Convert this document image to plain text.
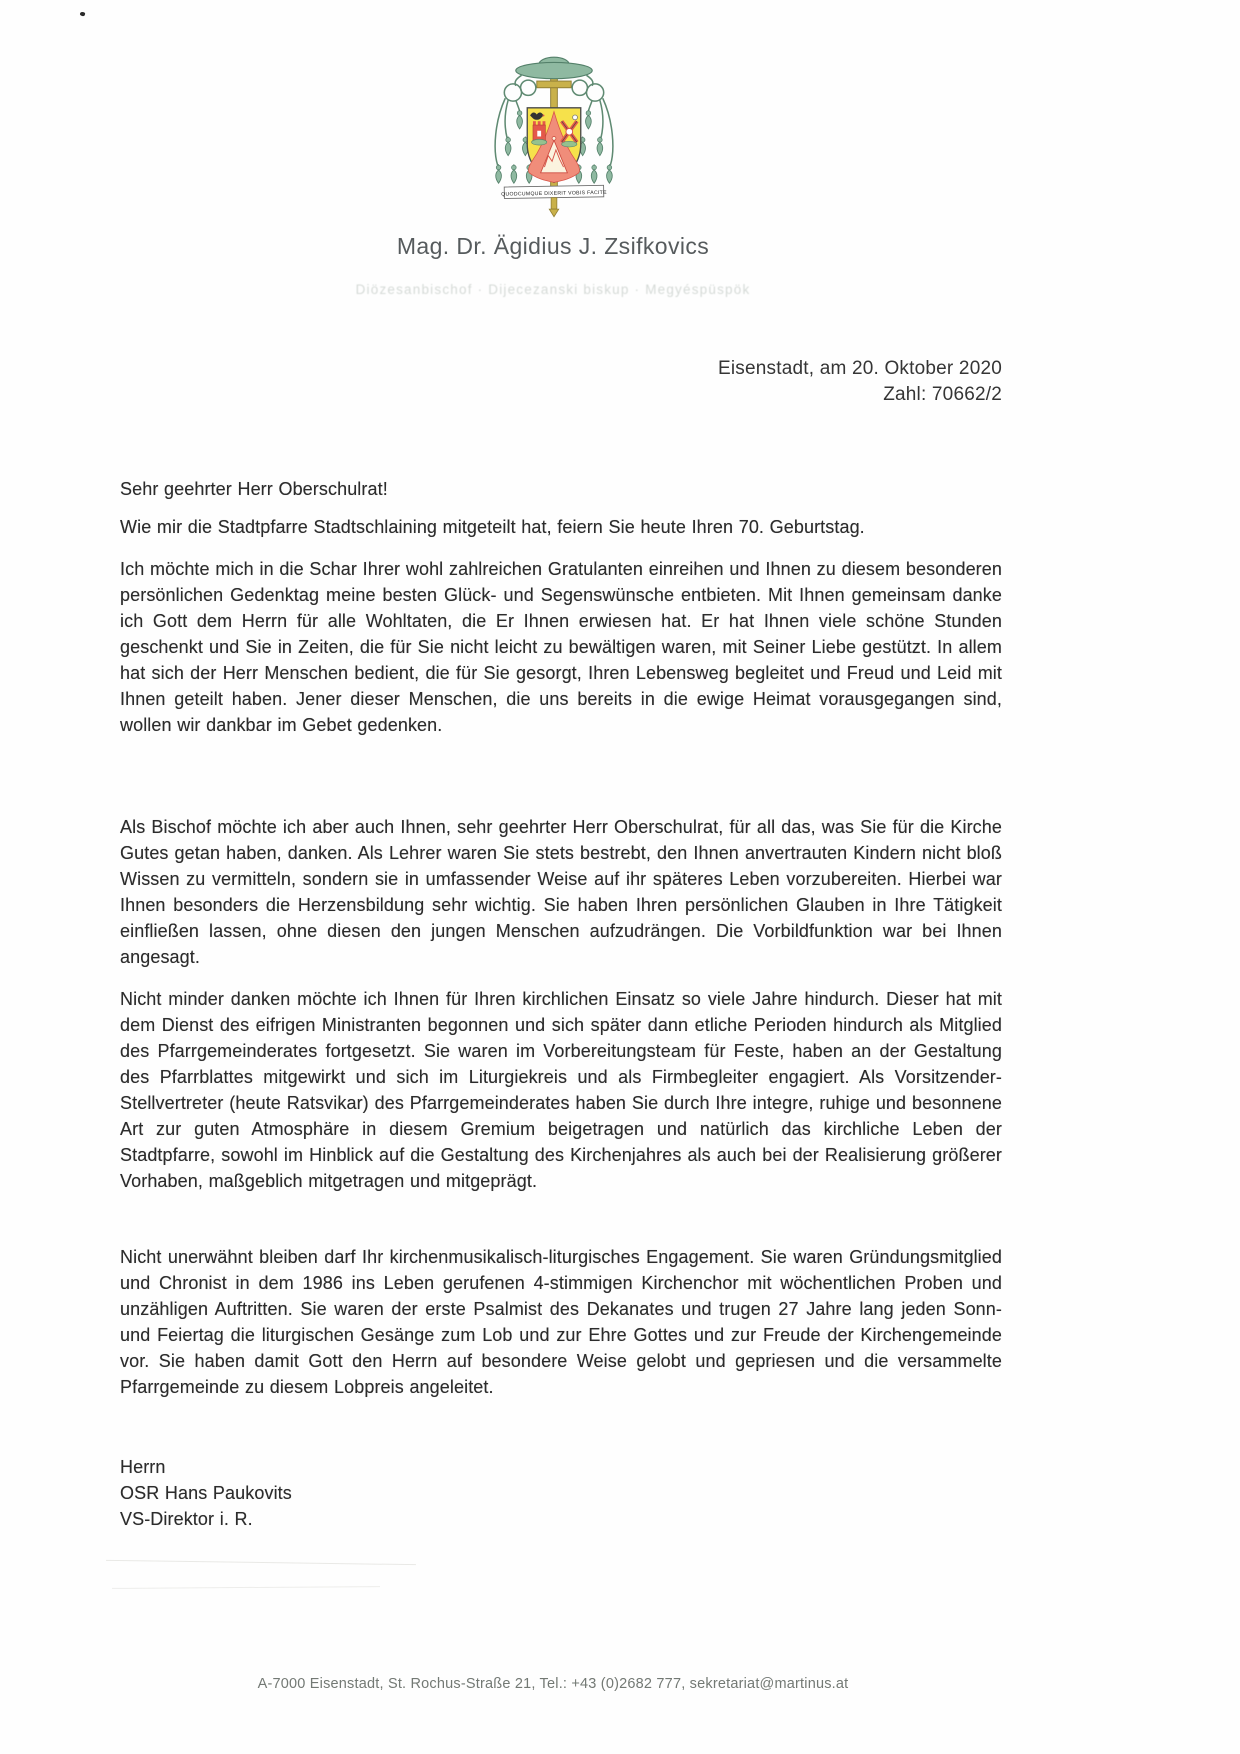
QUODCUMQUE DIXERIT VOBIS FACITE
Mag. Dr. Ägidius J. Zsifkovics
Diözesanbischof · Dijecezanski biskup · Megyéspüspök
Eisenstadt, am 20. Oktober 2020
Zahl: 70662/2
Sehr geehrter Herr Oberschulrat!

Wie mir die Stadtpfarre Stadtschlaining mitgeteilt hat, feiern Sie heute Ihren 70. Geburtstag.

Ich möchte mich in die Schar Ihrer wohl zahlreichen Gratulanten einreihen und Ihnen zu diesem besonderen persönlichen Gedenktag meine besten Glück- und Segenswünsche entbieten. Mit Ihnen gemeinsam danke ich Gott dem Herrn für alle Wohltaten, die Er Ihnen erwiesen hat. Er hat Ihnen viele schöne Stunden geschenkt und Sie in Zeiten, die für Sie nicht leicht zu bewältigen waren, mit Seiner Liebe gestützt. In allem hat sich der Herr Menschen bedient, die für Sie gesorgt, Ihren Lebensweg begleitet und Freud und Leid mit Ihnen geteilt haben. Jener dieser Menschen, die uns bereits in die ewige Heimat vorausgegangen sind, wollen wir dankbar im Gebet gedenken.

Als Bischof möchte ich aber auch Ihnen, sehr geehrter Herr Oberschulrat, für all das, was Sie für die Kirche Gutes getan haben, danken. Als Lehrer waren Sie stets bestrebt, den Ihnen anvertrauten Kindern nicht bloß Wissen zu vermitteln, sondern sie in umfassender Weise auf ihr späteres Leben vorzubereiten. Hierbei war Ihnen besonders die Herzensbildung sehr wichtig. Sie haben Ihren persönlichen Glauben in Ihre Tätigkeit einfließen lassen, ohne diesen den jungen Menschen aufzudrängen. Die Vorbildfunktion war bei Ihnen angesagt.

Nicht minder danken möchte ich Ihnen für Ihren kirchlichen Einsatz so viele Jahre hindurch. Dieser hat mit dem Dienst des eifrigen Ministranten begonnen und sich später dann etliche Perioden hindurch als Mitglied des Pfarrgemeinderates fortgesetzt. Sie waren im Vorbereitungsteam für Feste, haben an der Gestaltung des Pfarrblattes mitgewirkt und sich im Liturgiekreis und als Firmbegleiter engagiert. Als Vorsitzender-Stellvertreter (heute Ratsvikar) des Pfarrgemeinderates haben Sie durch Ihre integre, ruhige und besonnene Art zur guten Atmosphäre in diesem Gremium beigetragen und natürlich das kirchliche Leben der Stadtpfarre, sowohl im Hinblick auf die Gestaltung des Kirchenjahres als auch bei der Realisierung größerer Vorhaben, maßgeblich mitgetragen und mitgeprägt.

Nicht unerwähnt bleiben darf Ihr kirchenmusikalisch-liturgisches Engagement. Sie waren Gründungsmitglied und Chronist in dem 1986 ins Leben gerufenen 4-stimmigen Kirchenchor mit wöchentlichen Proben und unzähligen Auftritten. Sie waren der erste Psalmist des Dekanates und trugen 27 Jahre lang jeden Sonn- und Feiertag die liturgischen Gesänge zum Lob und zur Ehre Gottes und zur Freude der Kirchengemeinde vor. Sie haben damit Gott den Herrn auf besondere Weise gelobt und gepriesen und die versammelte Pfarrgemeinde zu diesem Lobpreis angeleitet.

Herrn
OSR Hans Paukovits
VS-Direktor i. R.
A-7000 Eisenstadt, St. Rochus-Straße 21, Tel.: +43 (0)2682 777, sekretariat@martinus.at
